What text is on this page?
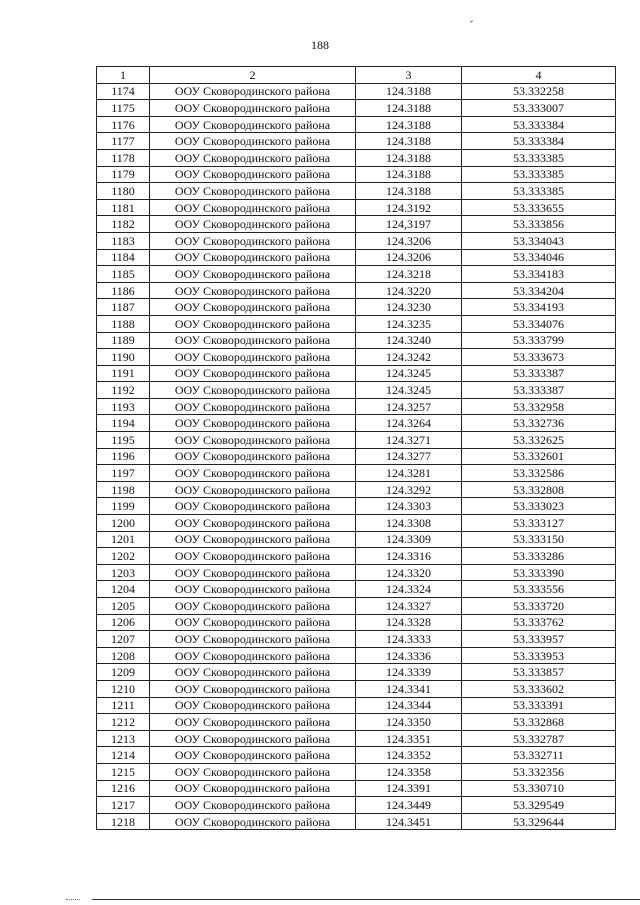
188
1	2	3	4
1174	ООУ Сковородинского района	124.3188	53.332258
1175	ООУ Сковородинского района	124.3188	53.333007
1176	ООУ Сковородинского района	124.3188	53.333384
1177	ООУ Сковородинского района	124.3188	53.333384
1178	ООУ Сковородинского района	124.3188	53.333385
1179	ООУ Сковородинского района	124.3188	53.333385
1180	ООУ Сковородинского района	124.3188	53.333385
1181	ООУ Сковородинского района	124.3192	53.333655
1182	ООУ Сковородинского района	124,3197	53.333856
1183	ООУ Сковородинского района	124.3206	53.334043
1184	ООУ Сковородинского района	124.3206	53.334046
1185	ООУ Сковородинского района	124.3218	53.334183
1186	ООУ Сковородинского района	124.3220	53.334204
1187	ООУ Сковородинского района	124.3230	53.334193
1188	ООУ Сковородинского района	124.3235	53.334076
1189	ООУ Сковородинского района	124.3240	53.333799
1190	ООУ Сковородинского района	124.3242	53.333673
1191	ООУ Сковородинского района	124.3245	53.333387
1192	ООУ Сковородинского района	124.3245	53.333387
1193	ООУ Сковородинского района	124.3257	53.332958
1194	ООУ Сковородинского района	124.3264	53.332736
1195	ООУ Сковородинского района	124.3271	53.332625
1196	ООУ Сковородинского района	124.3277	53.332601
1197	ООУ Сковородинского района	124.3281	53.332586
1198	ООУ Сковородинского района	124.3292	53.332808
1199	ООУ Сковородинского района	124.3303	53.333023
1200	ООУ Сковородинского района	124.3308	53.333127
1201	ООУ Сковородинского района	124.3309	53.333150
1202	ООУ Сковородинского района	124.3316	53.333286
1203	ООУ Сковородинского района	124.3320	53.333390
1204	ООУ Сковородинского района	124.3324	53.333556
1205	ООУ Сковородинского района	124.3327	53.333720
1206	ООУ Сковородинского района	124.3328	53.333762
1207	ООУ Сковородинского района	124.3333	53.333957
1208	ООУ Сковородинского района	124.3336	53.333953
1209	ООУ Сковородинского района	124.3339	53.333857
1210	ООУ Сковородинского района	124.3341	53.333602
1211	ООУ Сковородинского района	124.3344	53.333391
1212	ООУ Сковородинского района	124.3350	53.332868
1213	ООУ Сковородинского района	124.3351	53.332787
1214	ООУ Сковородинского района	124.3352	53.332711
1215	ООУ Сковородинского района	124.3358	53.332356
1216	ООУ Сковородинского района	124.3391	53.330710
1217	ООУ Сковородинского района	124.3449	53.329549
1218	ООУ Сковородинского района	124.3451	53.329644
